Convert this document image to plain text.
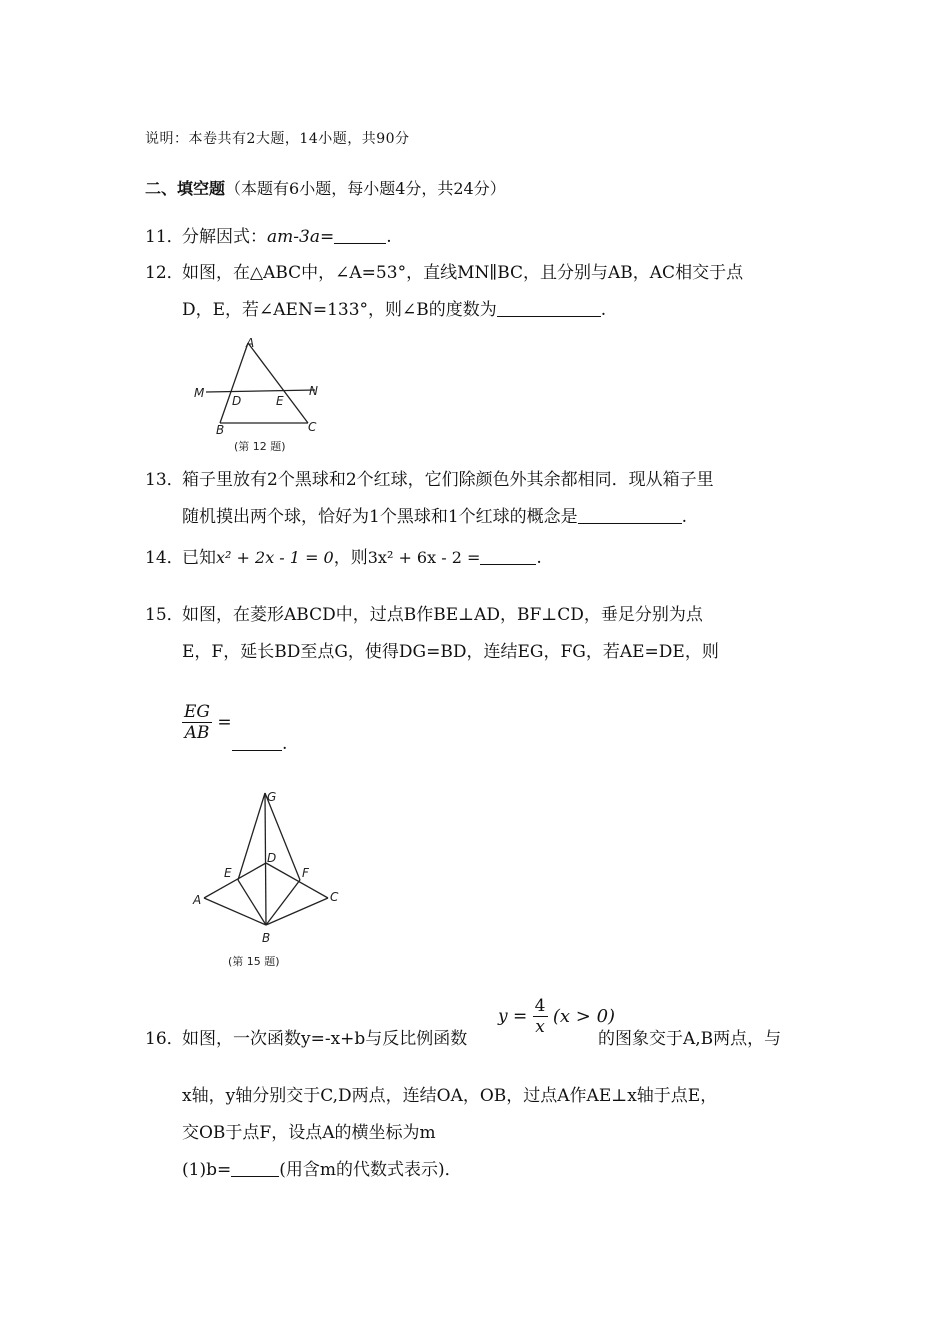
说明：本卷共有2大题，14小题，共90分
二、填空题（本题有6小题，每小题4分，共24分）
11．
分解因式：am-3a=	.
12．
如图，在△ABC中，∠A=53°，直线MN∥BC，且分别与AB，AC相交于点
D，E，若∠AEN=133°，则∠B的度数为	.
A
M
D	E
N
B	C
(第 12 题)
13．
箱子里放有2个黑球和2个红球，它们除颜色外其余都相同．现从箱子里
随机摸出两个球，恰好为1个黑球和1个红球的概念是	.
14．
已知x² + 2x - 1 = 0，则3x² + 6x - 2 =	.
15．
如图，在菱形ABCD中，过点B作BE⊥AD，BF⊥CD，垂足分别为点
E，F，延长BD至点G，使得DG=BD，连结EG，FG，若AE=DE，则
$\frac{EG}{AB}$ =
.
G
E
D
F
A	C
B
(第 15 题)
16．
如图，一次函数y=-x+b与反比例函数
$y = \frac{4}{x} (x > 0)$
的图象交于A,B两点，与
x轴，y轴分别交于C,D两点，连结OA，OB，过点A作AE⊥x轴于点E，
交OB于点F，设点A的横坐标为m
(1)b=	(用含m的代数式表示)．
